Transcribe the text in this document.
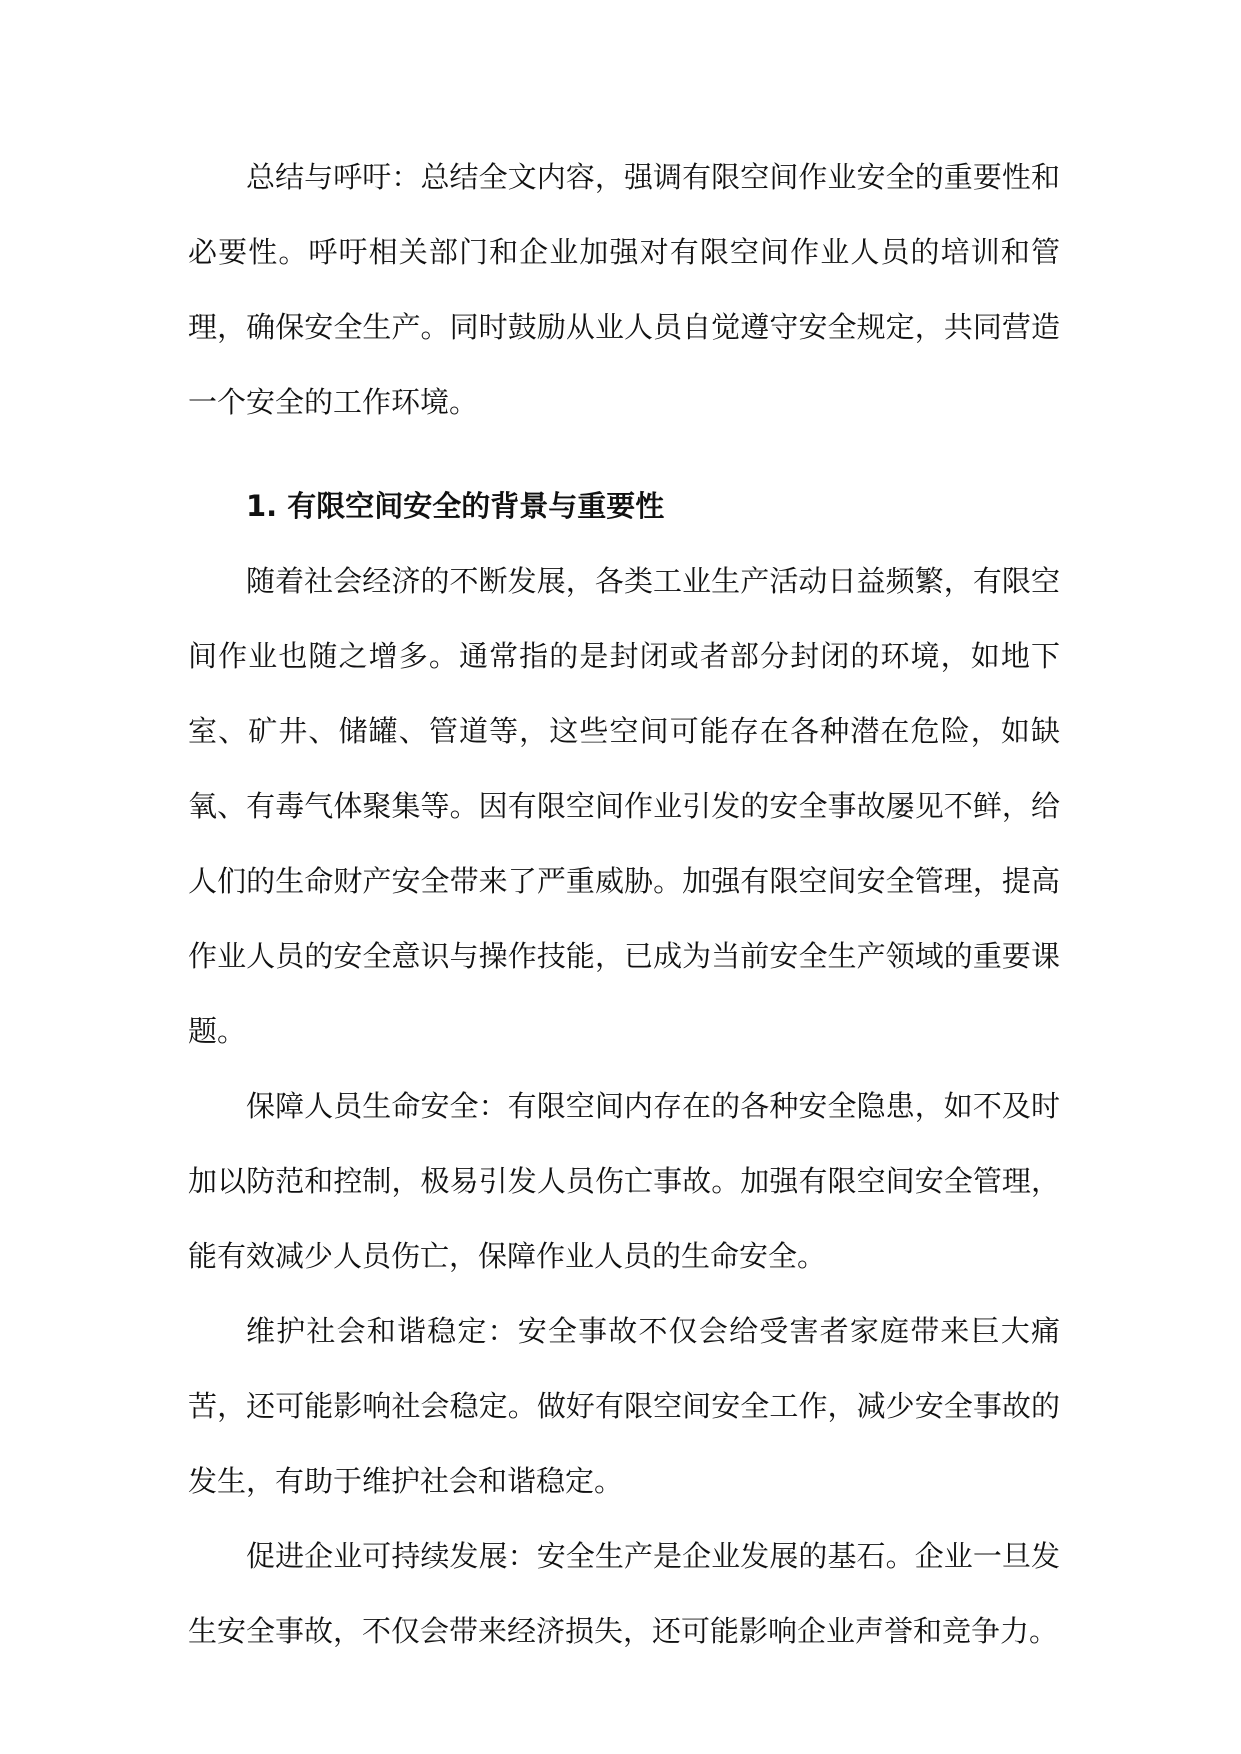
总结与呼吁：总结全文内容，强调有限空间作业安全的重要性和必要性。呼吁相关部门和企业加强对有限空间作业人员的培训和管理，确保安全生产。同时鼓励从业人员自觉遵守安全规定，共同营造一个安全的工作环境。

1. 有限空间安全的背景与重要性

随着社会经济的不断发展，各类工业生产活动日益频繁，有限空间作业也随之增多。通常指的是封闭或者部分封闭的环境，如地下室、矿井、储罐、管道等，这些空间可能存在各种潜在危险，如缺氧、有毒气体聚集等。因有限空间作业引发的安全事故屡见不鲜，给人们的生命财产安全带来了严重威胁。加强有限空间安全管理，提高作业人员的安全意识与操作技能，已成为当前安全生产领域的重要课题。

保障人员生命安全：有限空间内存在的各种安全隐患，如不及时加以防范和控制，极易引发人员伤亡事故。加强有限空间安全管理，能有效减少人员伤亡，保障作业人员的生命安全。

维护社会和谐稳定：安全事故不仅会给受害者家庭带来巨大痛苦，还可能影响社会稳定。做好有限空间安全工作，减少安全事故的发生，有助于维护社会和谐稳定。

促进企业可持续发展：安全生产是企业发展的基石。企业一旦发生安全事故，不仅会带来经济损失，还可能影响企业声誉和竞争力。
